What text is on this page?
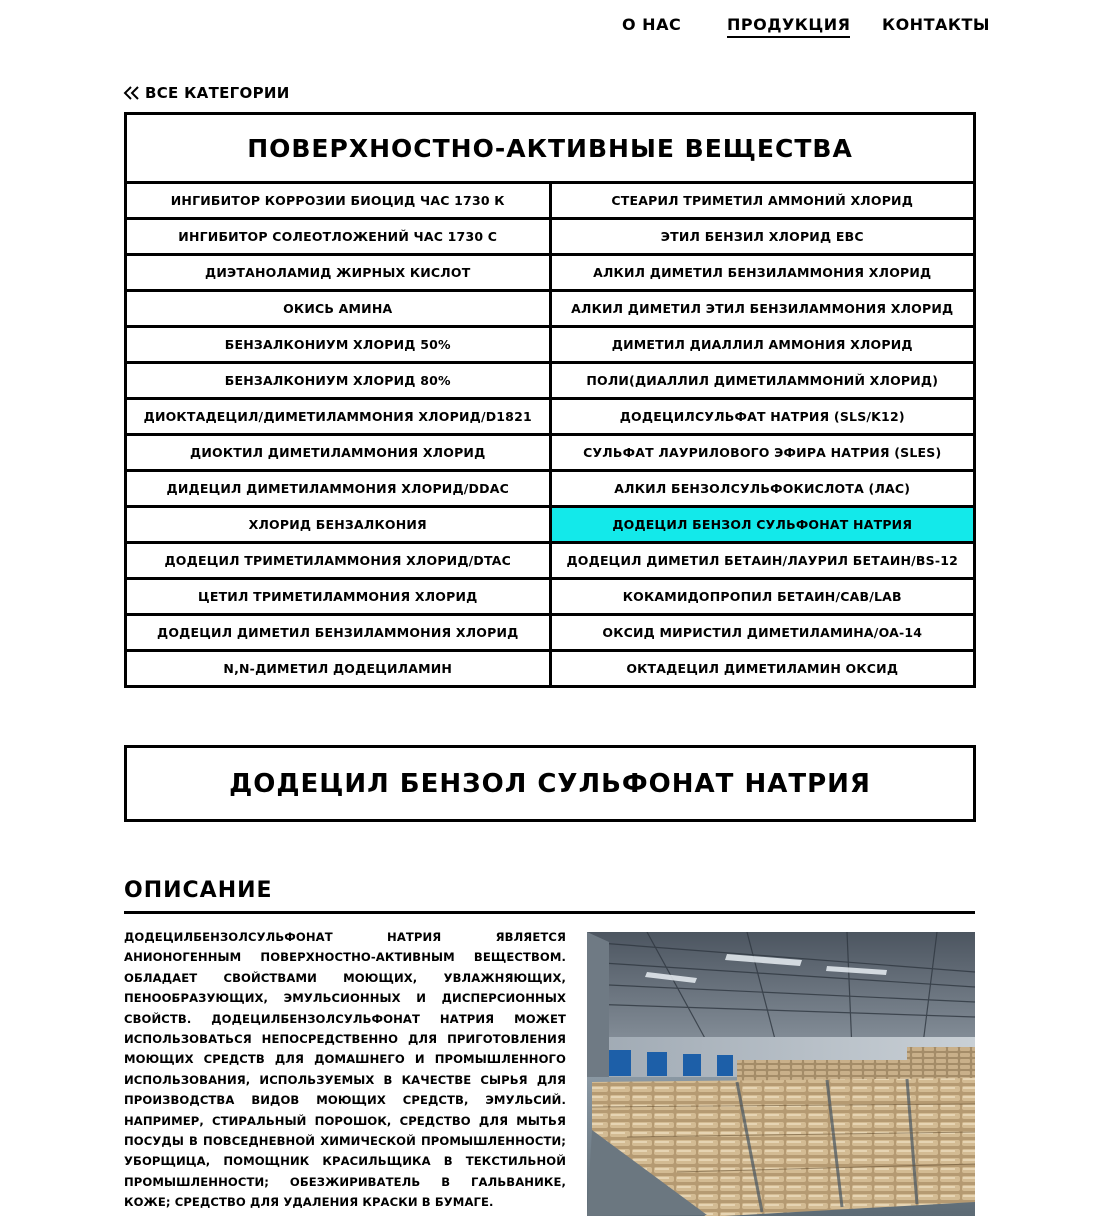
О НАС	ПРОДУКЦИЯ КОНТАКТЫ
ВСЕ КАТЕГОРИИ
ПОВЕРХНОСТНО-АКТИВНЫЕ ВЕЩЕСТВА
ИНГИБИТОР КОРРОЗИИ БИОЦИД ЧАС 1730 К
ИНГИБИТОР СОЛЕОТЛОЖЕНИЙ ЧАС 1730 С
ДИЭТАНОЛАМИД ЖИРНЫХ КИСЛОТ
ОКИСЬ АМИНА
БЕНЗАЛКОНИУМ ХЛОРИД 50%
БЕНЗАЛКОНИУМ ХЛОРИД 80%
ДИОКТАДЕЦИЛ/ДИМЕТИЛАММОНИЯ ХЛОРИД/D1821
ДИОКТИЛ ДИМЕТИЛАММОНИЯ ХЛОРИД
ДИДЕЦИЛ ДИМЕТИЛАММОНИЯ ХЛОРИД/DDAC
ХЛОРИД БЕНЗАЛКОНИЯ
ДОДЕЦИЛ ТРИМЕТИЛАММОНИЯ ХЛОРИД/DTAC
ЦЕТИЛ ТРИМЕТИЛАММОНИЯ ХЛОРИД
ДОДЕЦИЛ ДИМЕТИЛ БЕНЗИЛАММОНИЯ ХЛОРИД
N,N-ДИМЕТИЛ ДОДЕЦИЛАМИН
СТЕАРИЛ ТРИМЕТИЛ АММОНИЙ ХЛОРИД
ЭТИЛ БЕНЗИЛ ХЛОРИД EBC
АЛКИЛ ДИМЕТИЛ БЕНЗИЛАММОНИЯ ХЛОРИД
АЛКИЛ ДИМЕТИЛ ЭТИЛ БЕНЗИЛАММОНИЯ ХЛОРИД
ДИМЕТИЛ ДИАЛЛИЛ АММОНИЯ ХЛОРИД
ПОЛИ(ДИАЛЛИЛ ДИМЕТИЛАММОНИЙ ХЛОРИД)
ДОДЕЦИЛСУЛЬФАТ НАТРИЯ (SLS/K12)
СУЛЬФАТ ЛАУРИЛОВОГО ЭФИРА НАТРИЯ (SLES)
АЛКИЛ БЕНЗОЛСУЛЬФОКИСЛОТА (ЛАС)
ДОДЕЦИЛ БЕНЗОЛ СУЛЬФОНАТ НАТРИЯ
ДОДЕЦИЛ ДИМЕТИЛ БЕТАИН/ЛАУРИЛ БЕТАИН/BS-12
КОКАМИДОПРОПИЛ БЕТАИН/CAB/LAB
ОКСИД МИРИСТИЛ ДИМЕТИЛАМИНА/OA-14
ОКТАДЕЦИЛ ДИМЕТИЛАМИН ОКСИД
ДОДЕЦИЛ БЕНЗОЛ СУЛЬФОНАТ НАТРИЯ
ОПИСАНИЕ
ДОДЕЦИЛБЕНЗОЛСУЛЬФОНАТ НАТРИЯ ЯВЛЯЕТСЯ АНИОНОГЕННЫМ ПОВЕРХНОСТНО-АКТИВНЫМ ВЕЩЕСТВОМ. ОБЛАДАЕТ СВОЙСТВАМИ МОЮЩИХ, УВЛАЖНЯЮЩИХ, ПЕНООБРАЗУЮЩИХ, ЭМУЛЬСИОННЫХ И ДИСПЕРСИОННЫХ СВОЙСТВ. ДОДЕЦИЛБЕНЗОЛСУЛЬФОНАТ НАТРИЯ МОЖЕТ ИСПОЛЬЗОВАТЬСЯ НЕПОСРЕДСТВЕННО ДЛЯ ПРИГОТОВЛЕНИЯ МОЮЩИХ СРЕДСТВ ДЛЯ ДОМАШНЕГО И ПРОМЫШЛЕННОГО ИСПОЛЬЗОВАНИЯ, ИСПОЛЬЗУЕМЫХ В КАЧЕСТВЕ СЫРЬЯ ДЛЯ ПРОИЗВОДСТВА ВИДОВ МОЮЩИХ СРЕДСТВ, ЭМУЛЬСИЙ. НАПРИМЕР, СТИРАЛЬНЫЙ ПОРОШОК, СРЕДСТВО ДЛЯ МЫТЬЯ ПОСУДЫ В ПОВСЕДНЕВНОЙ ХИМИЧЕСКОЙ ПРОМЫШЛЕННОСТИ; УБОРЩИЦА, ПОМОЩНИК КРАСИЛЬЩИКА В ТЕКСТИЛЬНОЙ ПРОМЫШЛЕННОСТИ; ОБЕЗЖИРИВАТЕЛЬ В ГАЛЬВАНИКЕ, КОЖЕ; СРЕДСТВО ДЛЯ УДАЛЕНИЯ КРАСКИ В БУМАГЕ.
